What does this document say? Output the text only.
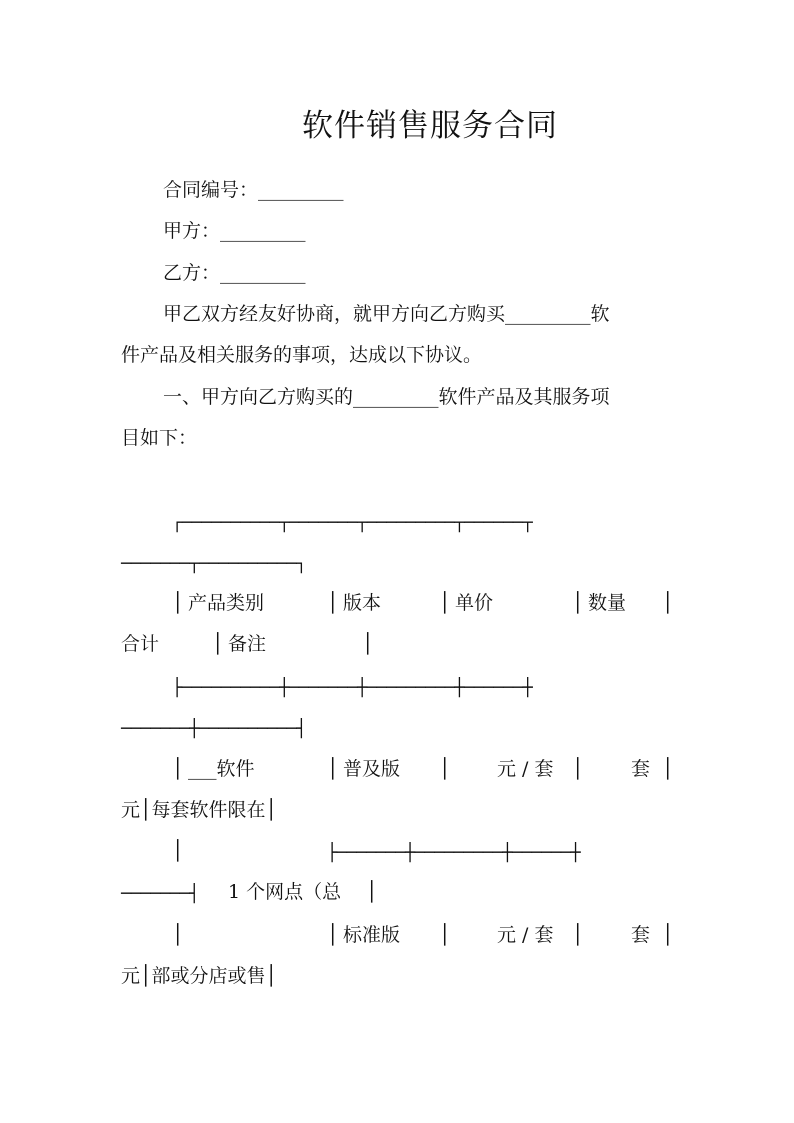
软件销售服务合同
合同编号：_________
甲方：_________
乙方：_________
甲乙双方经友好协商，就甲方向乙方购买_________软
件产品及相关服务的事项，达成以下协议。
一、甲方向乙方购买的_________软件产品及其服务项
目如下：
┌──────────┬───────┬─────────┬──────┬
───────┬──────────┐
│ 产品类别	│ 版本	│ 单价	│ 数量 │
合计	│ 备注	│
├──────────┼───────┼─────────┼──────┼
───────┼──────────┤
│ ___软件	│ 普及版 │ 元 / 套 │	套 │
元│每套软件限在│
│	├───────┼─────────┼──────┼
───────┤ 1 个网点（总 │
│	│ 标准版 │ 元 / 套 │	套 │
元│部或分店或售│
